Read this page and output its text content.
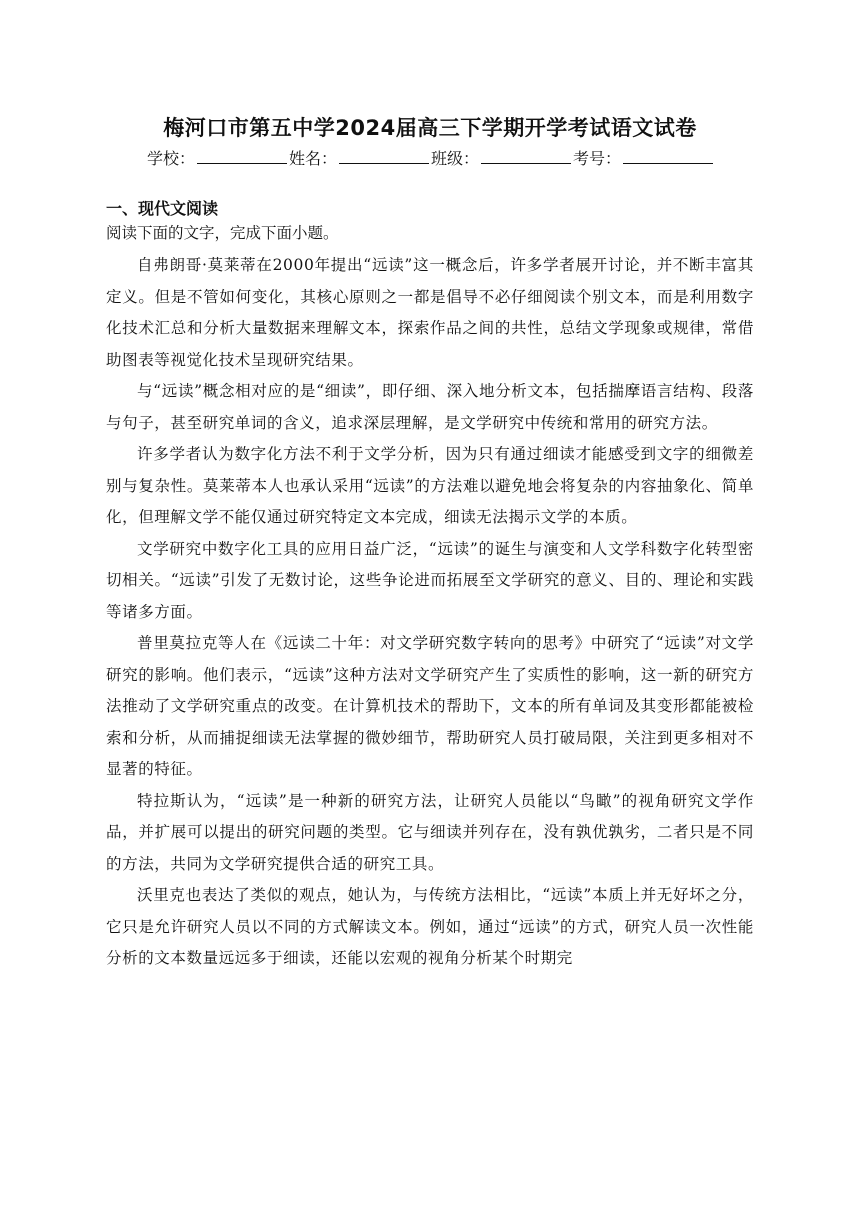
梅河口市第五中学2024届高三下学期开学考试语文试卷
学校：	姓名：	班级：	考号：
一、现代文阅读
阅读下面的文字，完成下面小题。

自弗朗哥·莫莱蒂在2000年提出“远读”这一概念后，许多学者展开讨论，并不断丰富其定义。但是不管如何变化，其核心原则之一都是倡导不必仔细阅读个别文本，而是利用数字化技术汇总和分析大量数据来理解文本，探索作品之间的共性，总结文学现象或规律，常借助图表等视觉化技术呈现研究结果。

与“远读”概念相对应的是“细读”，即仔细、深入地分析文本，包括揣摩语言结构、段落与句子，甚至研究单词的含义，追求深层理解，是文学研究中传统和常用的研究方法。

许多学者认为数字化方法不利于文学分析，因为只有通过细读才能感受到文字的细微差别与复杂性。莫莱蒂本人也承认采用“远读”的方法难以避免地会将复杂的内容抽象化、简单化，但理解文学不能仅通过研究特定文本完成，细读无法揭示文学的本质。

文学研究中数字化工具的应用日益广泛，“远读”的诞生与演变和人文学科数字化转型密切相关。“远读”引发了无数讨论，这些争论进而拓展至文学研究的意义、目的、理论和实践等诸多方面。

普里莫拉克等人在《远读二十年：对文学研究数字转向的思考》中研究了“远读”对文学研究的影响。他们表示，“远读”这种方法对文学研究产生了实质性的影响，这一新的研究方法推动了文学研究重点的改变。在计算机技术的帮助下，文本的所有单词及其变形都能被检索和分析，从而捕捉细读无法掌握的微妙细节，帮助研究人员打破局限，关注到更多相对不显著的特征。

特拉斯认为，“远读”是一种新的研究方法，让研究人员能以“鸟瞰”的视角研究文学作品，并扩展可以提出的研究问题的类型。它与细读并列存在，没有孰优孰劣，二者只是不同的方法，共同为文学研究提供合适的研究工具。

沃里克也表达了类似的观点，她认为，与传统方法相比，“远读”本质上并无好坏之分，它只是允许研究人员以不同的方式解读文本。例如，通过“远读”的方式，研究人员一次性能分析的文本数量远远多于细读，还能以宏观的视角分析某个时期完
